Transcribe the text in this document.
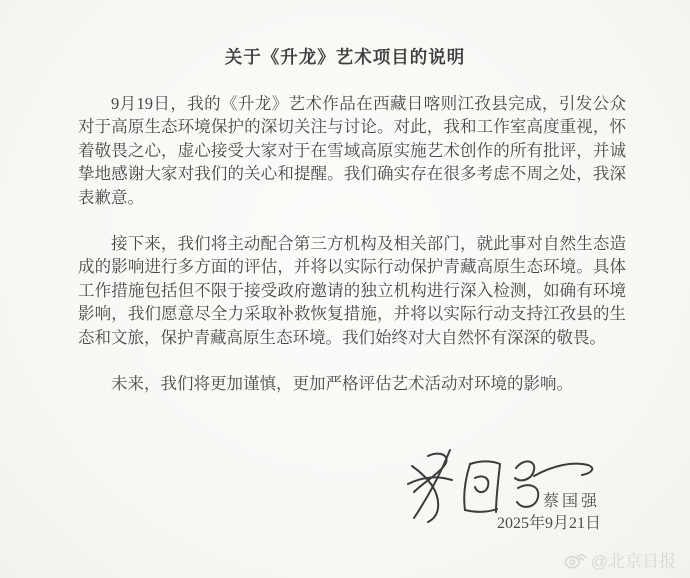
关于《升龙》艺术项目的说明

9月19日，我的《升龙》艺术作品在西藏日喀则江孜县完成，引发公众对于高原生态环境保护的深切关注与讨论。对此，我和工作室高度重视，怀着敬畏之心，虚心接受大家对于在雪域高原实施艺术创作的所有批评，并诚挚地感谢大家对我们的关心和提醒。我们确实存在很多考虑不周之处，我深表歉意。

接下来，我们将主动配合第三方机构及相关部门，就此事对自然生态造成的影响进行多方面的评估，并将以实际行动保护青藏高原生态环境。具体工作措施包括但不限于接受政府邀请的独立机构进行深入检测，如确有环境影响，我们愿意尽全力采取补救恢复措施，并将以实际行动支持江孜县的生态和文旅，保护青藏高原生态环境。我们始终对大自然怀有深深的敬畏。

未来，我们将更加谨慎，更加严格评估艺术活动对环境的影响。

蔡国强
2025年9月21日
@北京日报
